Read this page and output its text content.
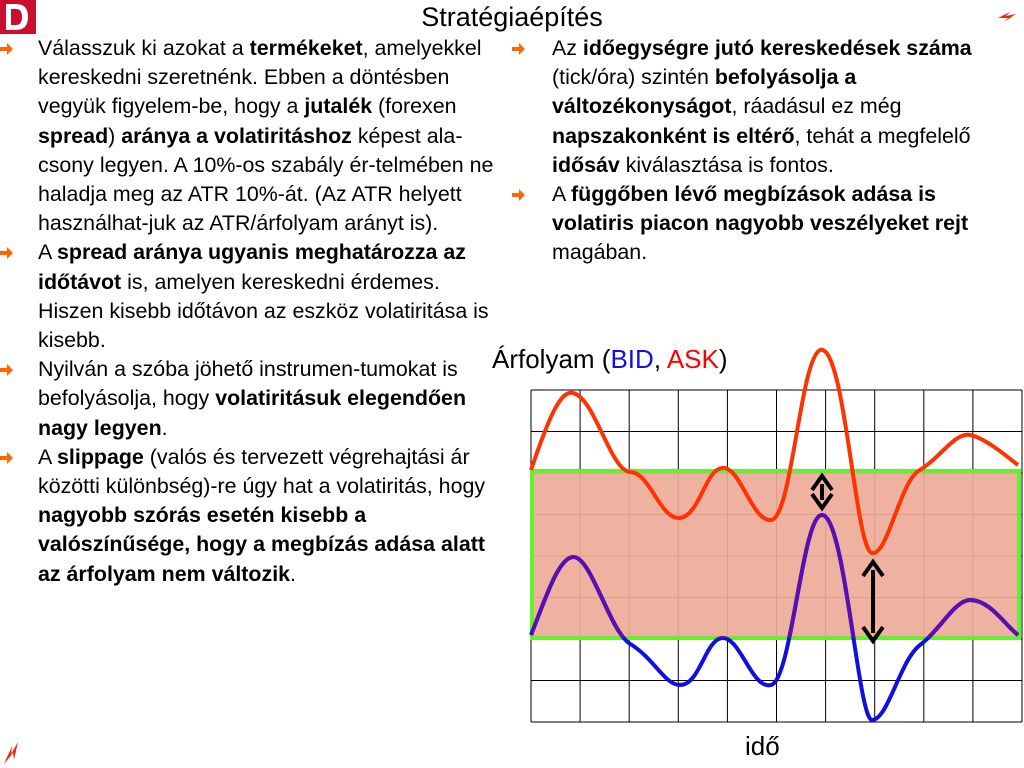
Stratégiaépítés
Válasszuk ki azokat a termékeket, amelyekkel kereskedni szeretnénk. Ebben a döntésben vegyük figyelem-be, hogy a jutalék (forexen spread) aránya a volatiritáshoz képest ala-csony legyen. A 10%-os szabály ér-telmében ne haladja meg az ATR 10%-át. (Az ATR helyett használhat-juk az ATR/árfolyam arányt is).
A spread aránya ugyanis meghatározza az időtávot is, amelyen kereskedni érdemes. Hiszen kisebb időtávon az eszköz volatiritása is kisebb.
Nyilván a szóba jöhető instrumen-tumokat is befolyásolja, hogy volatiritásuk elegendően nagy legyen.
A slippage (valós és tervezett végrehajtási ár közötti különbség)-re úgy hat a volatiritás, hogy nagyobb szórás esetén kisebb a valószínűsége, hogy a megbízás adása alatt az árfolyam nem változik.
Az időegységre jutó kereskedések száma (tick/óra) szintén befolyásolja a változékonyságot, ráadásul ez még napszakonként is eltérő, tehát a megfelelő idősáv kiválasztása is fontos.
A függőben lévő megbízások adása is volatiris piacon nagyobb veszélyeket rejt magában.
Árfolyam (BID, ASK)
idő
